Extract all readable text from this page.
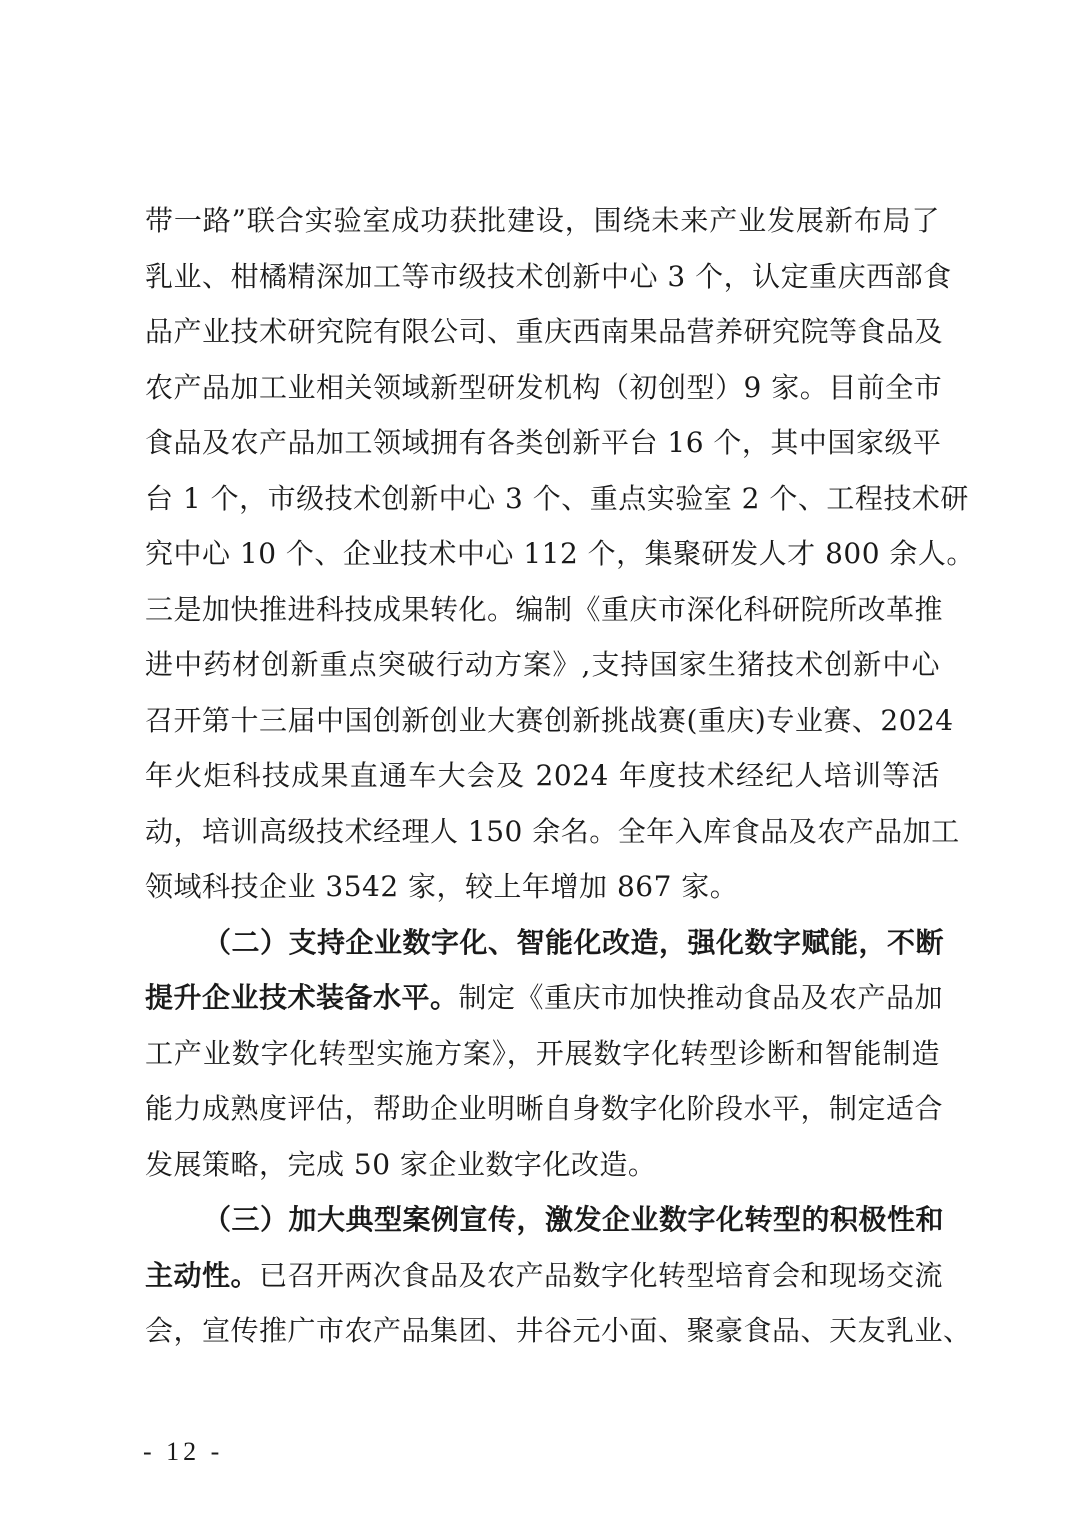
带一路”联合实验室成功获批建设，围绕未来产业发展新布局了
乳业、柑橘精深加工等市级技术创新中心 3 个，认定重庆西部食
品产业技术研究院有限公司、重庆西南果品营养研究院等食品及
农产品加工业相关领域新型研发机构（初创型）9 家。目前全市
食品及农产品加工领域拥有各类创新平台 16 个，其中国家级平
台 1 个，市级技术创新中心 3 个、重点实验室 2 个、工程技术研
究中心 10 个、企业技术中心 112 个，集聚研发人才 800 余人。
三是加快推进科技成果转化。编制《重庆市深化科研院所改革推
进中药材创新重点突破行动方案》,支持国家生猪技术创新中心
召开第十三届中国创新创业大赛创新挑战赛(重庆)专业赛、2024
年火炬科技成果直通车大会及 2024 年度技术经纪人培训等活
动，培训高级技术经理人 150 余名。全年入库食品及农产品加工
领域科技企业 3542 家，较上年增加 867 家。
（二）支持企业数字化、智能化改造，强化数字赋能，不断
提升企业技术装备水平。制定《重庆市加快推动食品及农产品加
工产业数字化转型实施方案》，开展数字化转型诊断和智能制造
能力成熟度评估，帮助企业明晰自身数字化阶段水平，制定适合
发展策略，完成 50 家企业数字化改造。
（三）加大典型案例宣传，激发企业数字化转型的积极性和
主动性。已召开两次食品及农产品数字化转型培育会和现场交流
会，宣传推广市农产品集团、井谷元小面、聚豪食品、天友乳业、
- 12 -
